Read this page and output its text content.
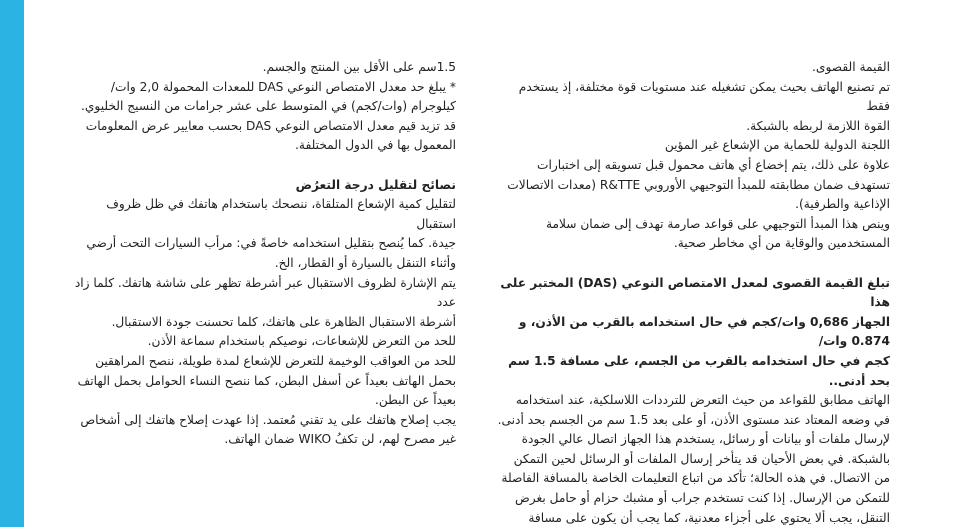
القيمة القصوى.

تم تصنيع الهاتف بحيث يمكن تشغيله عند مستويات قوة مختلفة، إذ يستخدم فقط

القوة اللازمة لربطه بالشبكة.

اللجنة الدولية للحماية من الإشعاع غير المؤين

علاوة على ذلك، يتم إخضاع أي هاتف محمول قبل تسويقه إلى اختبارات

تستهدف ضمان مطابقته للمبدأ التوجيهي الأوروبي R&TTE (معدات الاتصالات

الإذاعية والطرفية).

وينص هذا المبدأ التوجيهي على قواعد صارمة تهدف إلى ضمان سلامة

المستخدمين والوقاية من أي مخاطر صحية.

تبلغ القيمة القصوى لمعدل الامتصاص النوعي (DAS) المختبر على هذا

الجهاز 0,686 وات/كجم في حال استخدامه بالقرب من الأذن، و 0.874 وات/

كجم في حال استخدامه بالقرب من الجسم، على مسافة 1.5 سم بحد أدنى..

الهاتف مطابق للقواعد من حيث التعرض للترددات اللاسلكية، عند استخدامه

في وضعه المعتاد عند مستوى الأذن، أو على بعد 1.5 سم من الجسم بحد أدنى.

لإرسال ملفات أو بيانات أو رسائل، يستخدم هذا الجهاز اتصال عالي الجودة

بالشبكة. في بعض الأحيان قد يتأخر إرسال الملفات أو الرسائل لحين التمكن

من الاتصال. في هذه الحالة؛ تأكد من اتباع التعليمات الخاصة بالمسافة الفاصلة

للتمكن من الإرسال. إذا كنت تستخدم جراب أو مشبك حزام أو حامل بغرض

التنقل، يجب ألا يحتوي على أجزاء معدنية، كما يجب أن يكون على مسافة

1.5سم على الأقل بين المنتج والجسم.

* يبلغ حد معدل الامتصاص النوعي DAS للمعدات المحمولة 2,0 وات/

كيلوجرام (وات/كجم) في المتوسط على عشر جرامات من النسيج الخليوي.

قد تزيد قيم معدل الامتصاص النوعي DAS بحسب معايير عرض المعلومات

المعمول بها في الدول المختلفة.

نصائح لتقليل درجة التعرُض

لتقليل كمية الإشعاع المتلقاة، ننصحك باستخدام هاتفك في ظل ظروف استقبال

جيدة. كما يُنصح بتقليل استخدامه خاصةً في: مرأب السيارات التحت أرضي

وأثناء التنقل بالسيارة أو القطار، الخ.

يتم الإشارة لظروف الاستقبال عبر أشرطة تظهر على شاشة هاتفك. كلما زاد عدد

أشرطة الاستقبال الظاهرة على هاتفك، كلما تحسنت جودة الاستقبال.

للحد من التعرض للإشعاعات، نوصيكم باستخدام سماعة الأذن.

للحد من العواقب الوخيمة للتعرض للإشعاع لمدة طويلة، ننصح المراهقين

بحمل الهاتف بعيداً عن أسفل البطن، كما ننصح النساء الحوامل بحمل الهاتف

بعيداً عن البطن.

يجب إصلاح هاتفك على يد تقني مُعتمد. إذا عهدت إصلاح هاتفك إلى أشخاص

غير مصرح لهم، لن تكفُ WIKO ضمان الهاتف.
